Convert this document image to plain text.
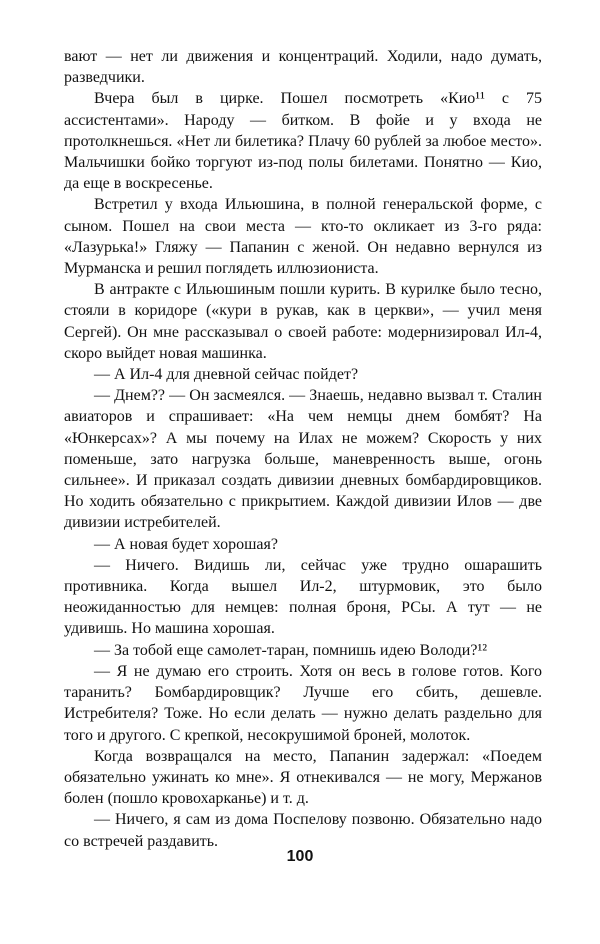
вают — нет ли движения и концентраций. Ходили, надо думать, разведчики.

Вчера был в цирке. Пошел посмотреть «Кио¹¹ с 75 ассистентами». Народу — битком. В фойе и у входа не протолкнешься. «Нет ли билетика? Плачу 60 рублей за любое место». Мальчишки бойко торгуют из-под полы билетами. Понятно — Кио, да еще в воскресенье.

Встретил у входа Ильюшина, в полной генеральской форме, с сыном. Пошел на свои места — кто-то окликает из 3-го ряда: «Лазурька!» Гляжу — Папанин с женой. Он недавно вернулся из Мурманска и решил поглядеть иллюзиониста.

В антракте с Ильюшиным пошли курить. В курилке было тесно, стояли в коридоре («кури в рукав, как в церкви», — учил меня Сергей). Он мне рассказывал о своей работе: модернизировал Ил-4, скоро выйдет новая машинка.

— А Ил-4 для дневной сейчас пойдет?

— Днем?? — Он засмеялся. — Знаешь, недавно вызвал т. Сталин авиаторов и спрашивает: «На чем немцы днем бомбят? На «Юнкерсах»? А мы почему на Илах не можем? Скорость у них поменьше, зато нагрузка больше, маневренность выше, огонь сильнее». И приказал создать дивизии дневных бомбардировщиков. Но ходить обязательно с прикрытием. Каждой дивизии Илов — две дивизии истребителей.

— А новая будет хорошая?

— Ничего. Видишь ли, сейчас уже трудно ошарашить противника. Когда вышел Ил-2, штурмовик, это было неожиданностью для немцев: полная броня, РСы. А тут — не удивишь. Но машина хорошая.

— За тобой еще самолет-таран, помнишь идею Володи?¹²

— Я не думаю его строить. Хотя он весь в голове готов. Кого таранить? Бомбардировщик? Лучше его сбить, дешевле. Истребителя? Тоже. Но если делать — нужно делать раздельно для того и другого. С крепкой, несокрушимой броней, молоток.

Когда возвращался на место, Папанин задержал: «Поедем обязательно ужинать ко мне». Я отнекивался — не могу, Мержанов болен (пошло кровохарканье) и т. д.

— Ничего, я сам из дома Поспелову позвоню. Обязательно надо со встречей раздавить.

100
